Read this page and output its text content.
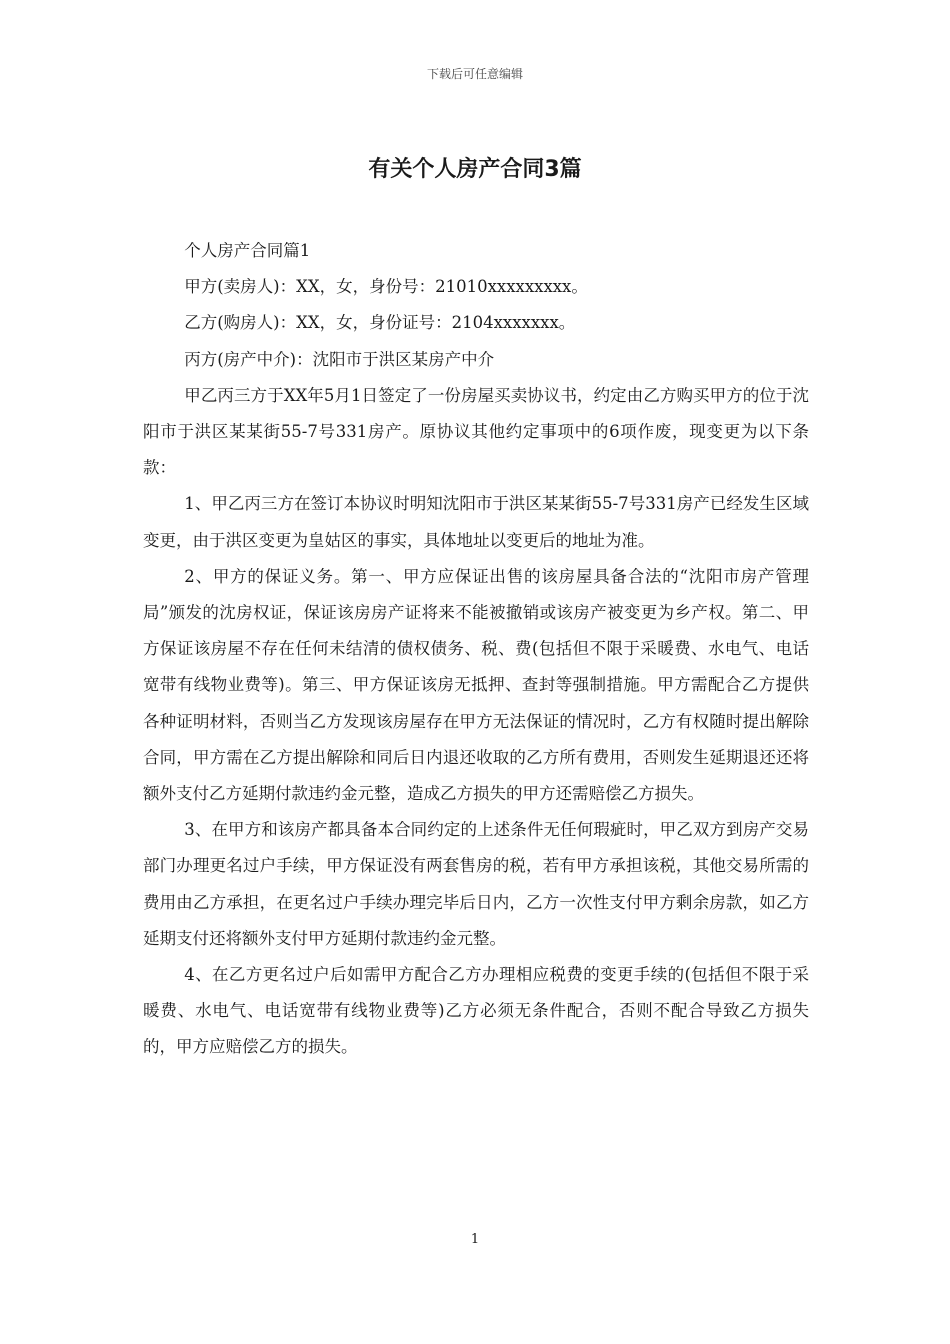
下载后可任意编辑
有关个人房产合同3篇

个人房产合同篇1

甲方(卖房人)：XX，女，身份号：21010xxxxxxxxx。

乙方(购房人)：XX，女，身份证号：2104xxxxxxx。

丙方(房产中介)：沈阳市于洪区某房产中介

甲乙丙三方于XX年5月1日签定了一份房屋买卖协议书，约定由乙方购买甲方的位于沈阳市于洪区某某街55-7号331房产。原协议其他约定事项中的6项作废，现变更为以下条款：

1、甲乙丙三方在签订本协议时明知沈阳市于洪区某某街55-7号331房产已经发生区域变更，由于洪区变更为皇姑区的事实，具体地址以变更后的地址为准。

2、甲方的保证义务。第一、甲方应保证出售的该房屋具备合法的“沈阳市房产管理局”颁发的沈房权证，保证该房房产证将来不能被撤销或该房产被变更为乡产权。第二、甲方保证该房屋不存在任何未结清的债权债务、税、费(包括但不限于采暖费、水电气、电话宽带有线物业费等)。第三、甲方保证该房无抵押、查封等强制措施。甲方需配合乙方提供各种证明材料，否则当乙方发现该房屋存在甲方无法保证的情况时，乙方有权随时提出解除合同，甲方需在乙方提出解除和同后日内退还收取的乙方所有费用，否则发生延期退还还将额外支付乙方延期付款违约金元整，造成乙方损失的甲方还需赔偿乙方损失。

3、在甲方和该房产都具备本合同约定的上述条件无任何瑕疵时，甲乙双方到房产交易部门办理更名过户手续，甲方保证没有两套售房的税，若有甲方承担该税，其他交易所需的费用由乙方承担，在更名过户手续办理完毕后日内，乙方一次性支付甲方剩余房款，如乙方延期支付还将额外支付甲方延期付款违约金元整。

4、在乙方更名过户后如需甲方配合乙方办理相应税费的变更手续的(包括但不限于采暖费、水电气、电话宽带有线物业费等)乙方必须无条件配合，否则不配合导致乙方损失的，甲方应赔偿乙方的损失。

1
